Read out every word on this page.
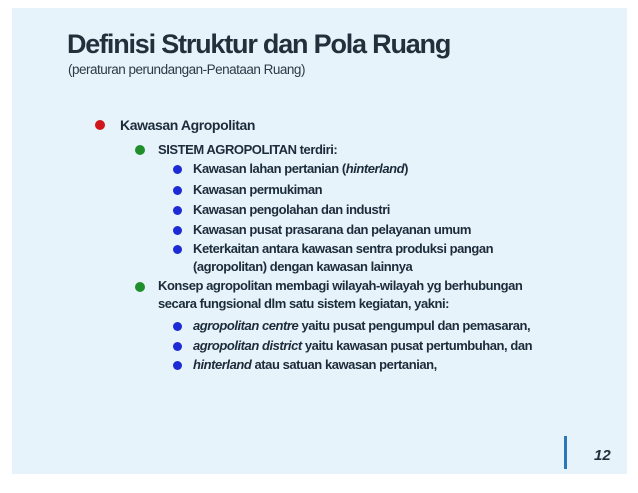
Definisi Struktur dan Pola Ruang
(peraturan perundangan-Penataan Ruang)
Kawasan Agropolitan
SISTEM AGROPOLITAN terdiri:
Kawasan lahan pertanian (hinterland)
Kawasan permukiman
Kawasan pengolahan dan industri
Kawasan pusat prasarana dan pelayanan umum
Keterkaitan antara kawasan sentra produksi pangan
(agropolitan) dengan kawasan lainnya
Konsep agropolitan membagi wilayah-wilayah yg berhubungan
secara fungsional dlm satu sistem kegiatan, yakni:
agropolitan centre yaitu pusat pengumpul dan pemasaran,
agropolitan district yaitu kawasan pusat pertumbuhan, dan
hinterland atau satuan kawasan pertanian,
12
